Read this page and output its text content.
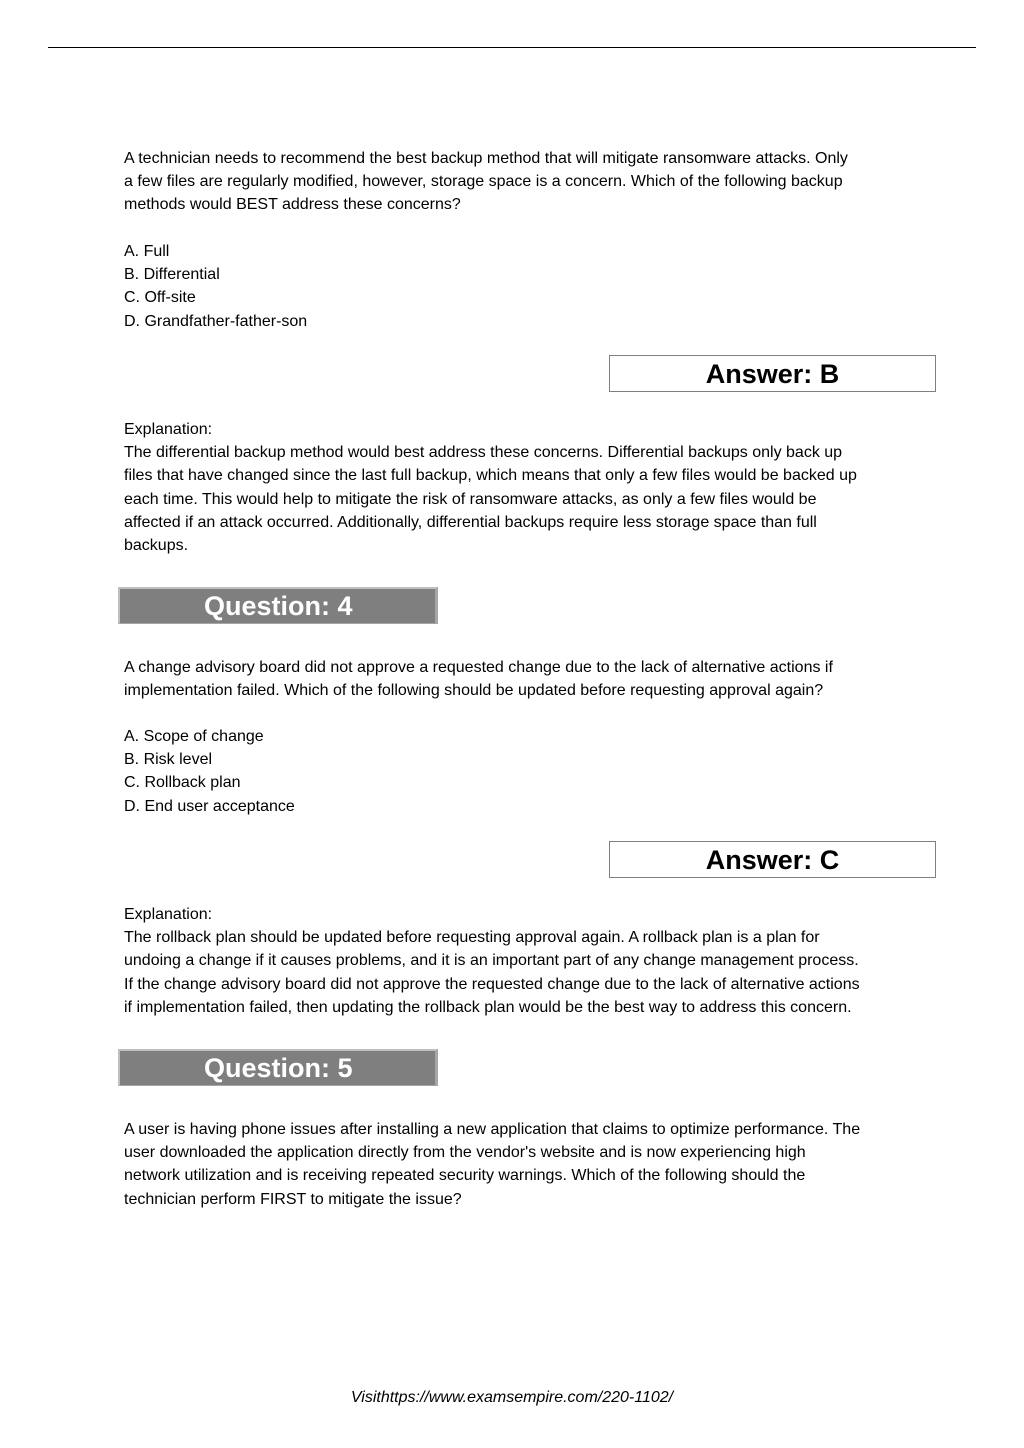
A technician needs to recommend the best backup method that will mitigate ransomware attacks. Only

a few files are regularly modified, however, storage space is a concern. Which of the following backup

methods would BEST address these concerns?

A. Full

B. Differential

C. Off-site

D. Grandfather-father-son

Answer: B

Explanation:

The differential backup method would best address these concerns. Differential backups only back up

files that have changed since the last full backup, which means that only a few files would be backed up

each time. This would help to mitigate the risk of ransomware attacks, as only a few files would be

affected if an attack occurred. Additionally, differential backups require less storage space than full

backups.

Question: 4

A change advisory board did not approve a requested change due to the lack of alternative actions if

implementation failed. Which of the following should be updated before requesting approval again?

A. Scope of change

B. Risk level

C. Rollback plan

D. End user acceptance

Answer: C

Explanation:

The rollback plan should be updated before requesting approval again. A rollback plan is a plan for

undoing a change if it causes problems, and it is an important part of any change management process.

If the change advisory board did not approve the requested change due to the lack of alternative actions

if implementation failed, then updating the rollback plan would be the best way to address this concern.

Question: 5

A user is having phone issues after installing a new application that claims to optimize performance. The

user downloaded the application directly from the vendor's website and is now experiencing high

network utilization and is receiving repeated security warnings. Which of the following should the

technician perform FIRST to mitigate the issue?

Visithttps://www.examsempire.com/220-1102/
